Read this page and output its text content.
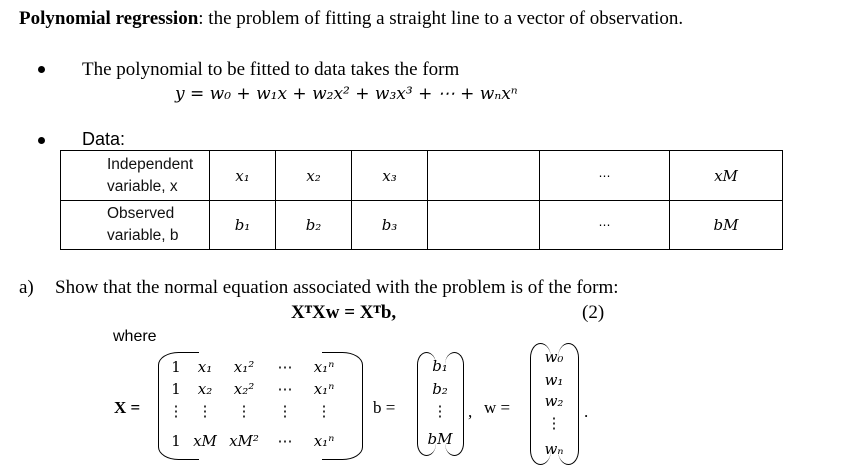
Polynomial regression: the problem of fitting a straight line to a vector of observation.
The polynomial to be fitted to data takes the form
y = w₀ + w₁x + w₂x² + w₃x³ + ⋯ + wₙxⁿ
Data:
Independent
variable, x	x₁	x₂	x₃		⋯	xM

Observed
variable, b	b₁	b₂	b₃		⋯	bM
a) Show that the normal equation associated with the problem is of the form:
XᵀXw = Xᵀb,	(2)
where
X =
1	x₁	x₁²	⋯	x₁ⁿ
1	x₂	x₂²	⋯	x₁ⁿ
⋮ ⋮	⋮	⋮	⋮
1 xM xM²	⋯	x₁ⁿ
b =
b₁
b₂
⋮
bM
, w =
w₀
w₁
w₂
⋮
wₙ
.
